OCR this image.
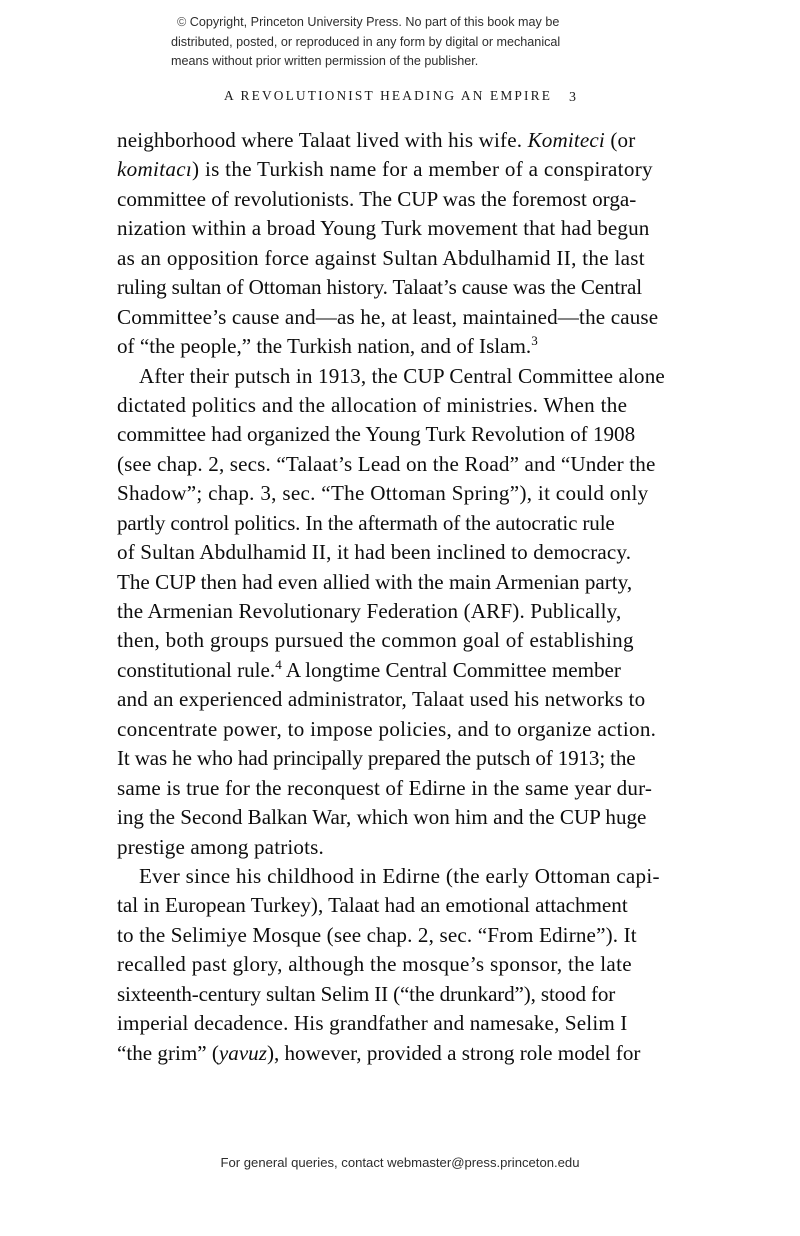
© Copyright, Princeton University Press. No part of this book may be
distributed, posted, or reproduced in any form by digital or mechanical
means without prior written permission of the publisher.
A REVOLUTIONIST HEADING AN EMPIRE 3
neighborhood where Talaat lived with his wife. Komiteci (or
komitacı) is the Turkish name for a member of a conspiratory
committee of revolutionists. The CUP was the foremost orga-
nization within a broad Young Turk movement that had begun
as an opposition force against Sultan Abdulhamid II, the last
ruling sultan of Ottoman history. Talaat’s cause was the Central
Committee’s cause and—as he, at least, maintained—the cause
of “the people,” the Turkish nation, and of Islam.$^3$
After their putsch in 1913, the CUP Central Committee alone
dictated politics and the allocation of ministries. When the
committee had organized the Young Turk Revolution of 1908
(see chap. 2, secs. “Talaat’s Lead on the Road” and “Under the
Shadow”; chap. 3, sec. “The Ottoman Spring”), it could only
partly control politics. In the aftermath of the autocratic rule
of Sultan Abdulhamid II, it had been inclined to democracy.
The CUP then had even allied with the main Armenian party,
the Armenian Revolutionary Federation (ARF). Publically,
then, both groups pursued the common goal of establishing
constitutional rule.$^4$ A longtime Central Committee member
and an experienced administrator, Talaat used his networks to
concentrate power, to impose policies, and to organize action.
It was he who had principally prepared the putsch of 1913; the
same is true for the reconquest of Edirne in the same year dur-
ing the Second Balkan War, which won him and the CUP huge
prestige among patriots.
Ever since his childhood in Edirne (the early Ottoman capi-
tal in European Turkey), Talaat had an emotional attachment
to the Selimiye Mosque (see chap. 2, sec. “From Edirne”). It
recalled past glory, although the mosque’s sponsor, the late
sixteenth-century sultan Selim II (“the drunkard”), stood for
imperial decadence. His grandfather and namesake, Selim I
“the grim” (yavuz), however, provided a strong role model for
For general queries, contact webmaster@press.princeton.edu
